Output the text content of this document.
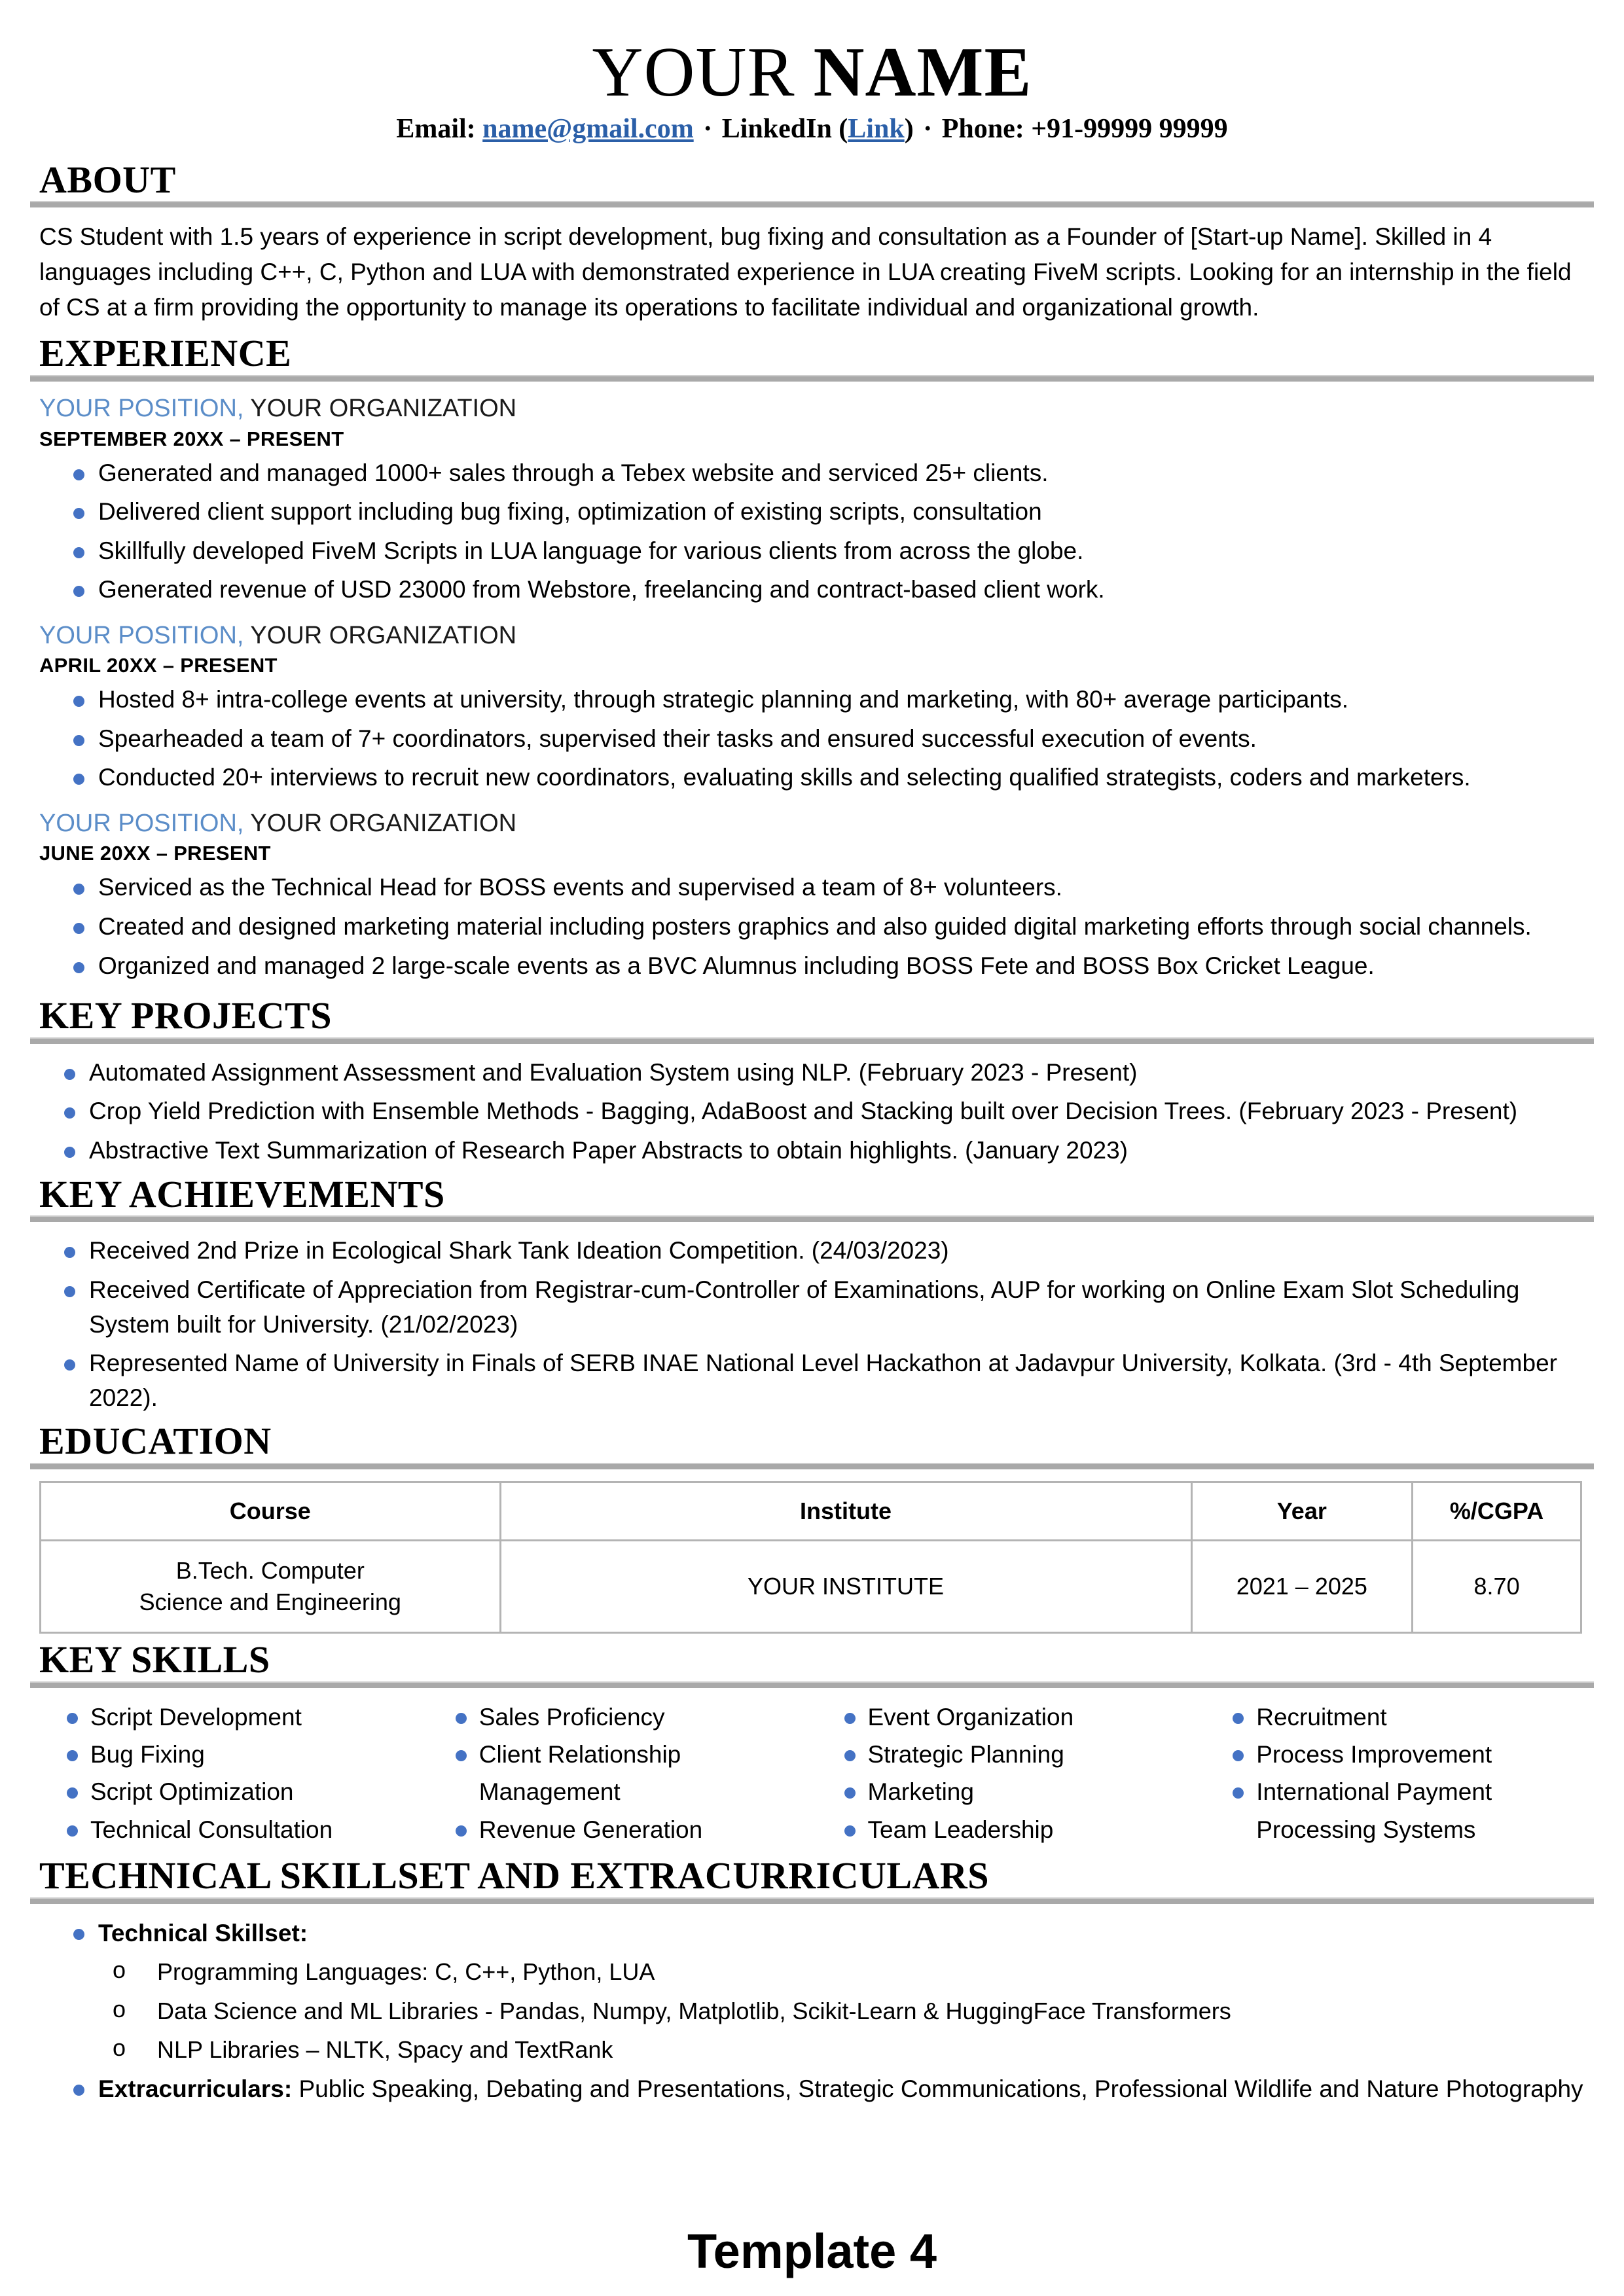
YOUR NAME
Email: name@gmail.com · LinkedIn (Link) · Phone: +91-99999 99999
ABOUT

CS Student with 1.5 years of experience in script development, bug fixing and consultation as a Founder of [Start-up Name]. Skilled in 4 languages including C++, C, Python and LUA with demonstrated experience in LUA creating FiveM scripts. Looking for an internship in the field of CS at a firm providing the opportunity to manage its operations to facilitate individual and organizational growth.

EXPERIENCE
YOUR POSITION, YOUR ORGANIZATION
SEPTEMBER 20XX – PRESENT
Generated and managed 1000+ sales through a Tebex website and serviced 25+ clients.
Delivered client support including bug fixing, optimization of existing scripts, consultation
Skillfully developed FiveM Scripts in LUA language for various clients from across the globe.
Generated revenue of USD 23000 from Webstore, freelancing and contract-based client work.
YOUR POSITION, YOUR ORGANIZATION
APRIL 20XX – PRESENT
Hosted 8+ intra-college events at university, through strategic planning and marketing, with 80+ average participants.
Spearheaded a team of 7+ coordinators, supervised their tasks and ensured successful execution of events.
Conducted 20+ interviews to recruit new coordinators, evaluating skills and selecting qualified strategists, coders and marketers.
YOUR POSITION, YOUR ORGANIZATION
JUNE 20XX – PRESENT
Serviced as the Technical Head for BOSS events and supervised a team of 8+ volunteers.
Created and designed marketing material including posters graphics and also guided digital marketing efforts through social channels.
Organized and managed 2 large-scale events as a BVC Alumnus including BOSS Fete and BOSS Box Cricket League.
KEY PROJECTS
Automated Assignment Assessment and Evaluation System using NLP. (February 2023 - Present)
Crop Yield Prediction with Ensemble Methods - Bagging, AdaBoost and Stacking built over Decision Trees. (February 2023 - Present)
Abstractive Text Summarization of Research Paper Abstracts to obtain highlights. (January 2023)
KEY ACHIEVEMENTS
Received 2nd Prize in Ecological Shark Tank Ideation Competition. (24/03/2023)
Received Certificate of Appreciation from Registrar-cum-Controller of Examinations, AUP for working on Online Exam Slot Scheduling System built for University. (21/02/2023)
Represented Name of University in Finals of SERB INAE National Level Hackathon at Jadavpur University, Kolkata. (3rd - 4th September 2022).
EDUCATION
Course	Institute	Year	%/CGPA

B.Tech. Computer
Science and Engineering	YOUR INSTITUTE	2021 – 2025	8.70
KEY SKILLS
Script Development
Bug Fixing
Script Optimization
Technical Consultation
Sales Proficiency
Client Relationship
Management
Revenue Generation
Event Organization
Strategic Planning
Marketing
Team Leadership
Recruitment
Process Improvement
International Payment
Processing Systems
TECHNICAL SKILLSET AND EXTRACURRICULARS
Technical Skillset:
o Programming Languages: C, C++, Python, LUA
o Data Science and ML Libraries - Pandas, Numpy, Matplotlib, Scikit-Learn & HuggingFace Transformers
o NLP Libraries – NLTK, Spacy and TextRank
Extracurriculars: Public Speaking, Debating and Presentations, Strategic Communications, Professional Wildlife and Nature Photography
Template 4
